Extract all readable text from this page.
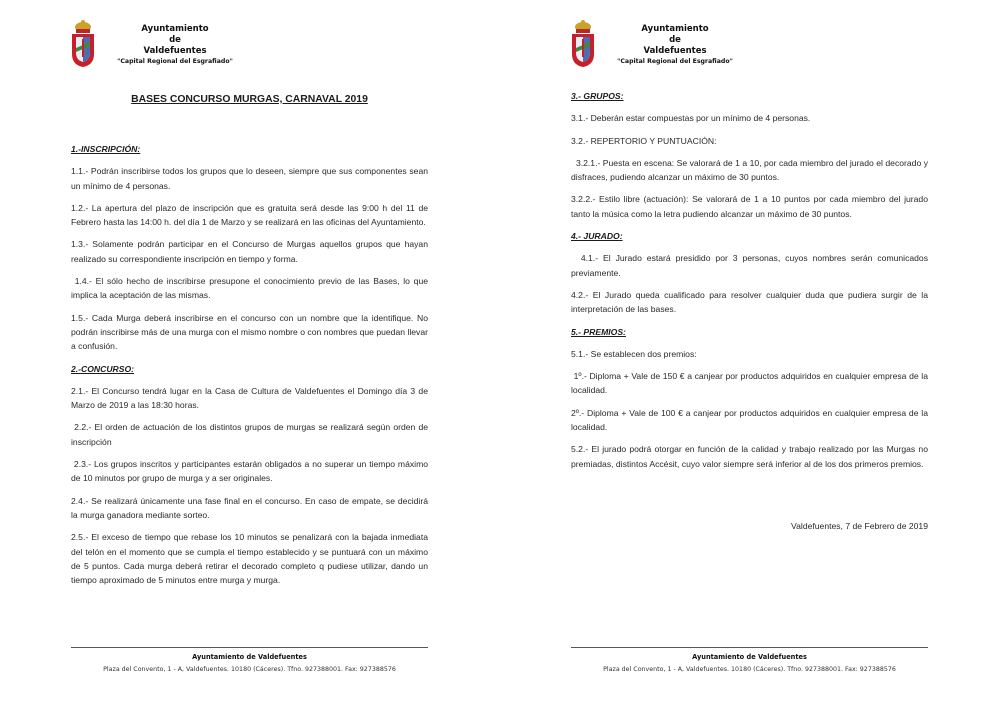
Ayuntamiento
de
Valdefuentes
"Capital Regional del Esgrafiado"
BASES CONCURSO MURGAS, CARNAVAL 2019

1.-INSCRIPCIÓN:

1.1.- Podrán inscribirse todos los grupos que lo deseen, siempre que sus componentes sean un mínimo de 4 personas.

1.2.- La apertura del plazo de inscripción que es gratuita será desde las 9:00 h del 11 de Febrero hasta las 14:00 h. del día 1 de Marzo y se realizará en las oficinas del Ayuntamiento.

1.3.- Solamente podrán participar en el Concurso de Murgas aquellos grupos que hayan realizado su correspondiente inscripción en tiempo y forma.

1.4.- El sólo hecho de inscribirse presupone el conocimiento previo de las Bases, lo que implica la aceptación de las mismas.

1.5.- Cada Murga deberá inscribirse en el concurso con un nombre que la identifique. No podrán inscribirse más de una murga con el mismo nombre o con nombres que puedan llevar a confusión.

2.-CONCURSO:

2.1.- El Concurso tendrá lugar en la Casa de Cultura de Valdefuentes el Domingo día 3 de Marzo de 2019 a las 18:30 horas.

2.2.- El orden de actuación de los distintos grupos de murgas se realizará según orden de inscripción

2.3.- Los grupos inscritos y participantes estarán obligados a no superar un tiempo máximo de 10 minutos por grupo de murga y a ser originales.

2.4.- Se realizará únicamente una fase final en el concurso. En caso de empate, se decidirá la murga ganadora mediante sorteo.

2.5.- El exceso de tiempo que rebase los 10 minutos se penalizará con la bajada inmediata del telón en el momento que se cumpla el tiempo establecido y se puntuará con un máximo de 5 puntos. Cada murga deberá retirar el decorado completo q pudiese utilizar, dando un tiempo aproximado de 5 minutos entre murga y murga.

Ayuntamiento de Valdefuentes
Plaza del Convento, 1 - A, Valdefuentes. 10180 (Cáceres). Tfno. 927388001. Fax: 927388576
Ayuntamiento
de
Valdefuentes
"Capital Regional del Esgrafiado"

3.- GRUPOS:

3.1.- Deberán estar compuestas por un mínimo de 4 personas.

3.2.- REPERTORIO Y PUNTUACIÓN:

3.2.1.- Puesta en escena: Se valorará de 1 a 10, por cada miembro del jurado el decorado y disfraces, pudiendo alcanzar un máximo de 30 puntos.

3.2.2.- Estilo libre (actuación): Se valorará de 1 a 10 puntos por cada miembro del jurado tanto la música como la letra pudiendo alcanzar un máximo de 30 puntos.

4.- JURADO:

4.1.- El Jurado estará presidido por 3 personas, cuyos nombres serán comunicados previamente.

4.2.- El Jurado queda cualificado para resolver cualquier duda que pudiera surgir de la interpretación de las bases.

5.- PREMIOS:

5.1.- Se establecen dos premios:

1º.- Diploma + Vale de 150 € a canjear por productos adquiridos en cualquier empresa de la localidad.

2º.- Diploma + Vale de 100 € a canjear por productos adquiridos en cualquier empresa de la localidad.

5.2.- El jurado podrá otorgar en función de la calidad y trabajo realizado por las Murgas no premiadas, distintos Accésit, cuyo valor siempre será inferior al de los dos primeros premios.

Valdefuentes, 7 de Febrero de 2019

Ayuntamiento de Valdefuentes
Plaza del Convento, 1 - A, Valdefuentes. 10180 (Cáceres). Tfno. 927388001. Fax: 927388576
